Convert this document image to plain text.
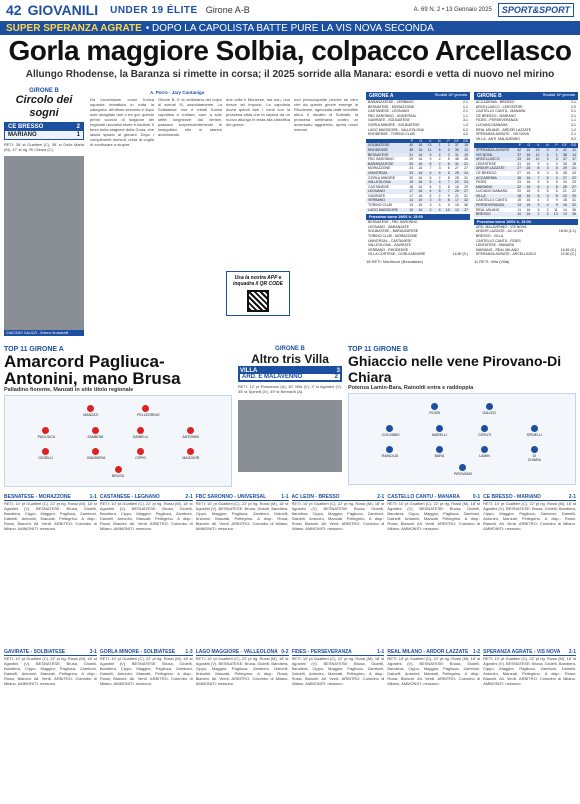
42 GIOVANILI UNDER 19 ÉLITE Girone A-B	A. 69 N. 2 • 13 Gennaio 2025	SPORT&SPORT
SUPER SPERANZA AGRATE • DOPO LA CAPOLISTA BATTE PURE LA VIS NOVA SECONDA
Gorla maggiore Solbia, colpacco Arcellasco
Allungo Rhodense, la Baranza si rimette in corsa; il 2025 sorride alla Manara: esordi e vetta di nuovo nel mirino
GIRONE B
Circolo dei sogni
CE BRESSO	2
MARIANO	1
RETI: 38' st Gualtieri (C), 38' st Della Maria (M), 47' st rig. Ri Chiara (C).
GIACOMO GALIZZI - Entra e fa sfracelli
A. Porro - Jary Cuntaniga
Da incorniciare, come l'unica squadra imbattuta in tutta la categoria, all'ultimo secondo e dopo aver sbagliato due o tre gol: questo primo scorcio di stagione dei regionali racconta storie e risultati. Il terzo della stagione della Gorla, che lascia spazio ai giovani. Dopo i complimenti ricevuti, resta la voglia di continuare a stupire.
Girone B. E la settimana del colpo di scena! Sì, assolutamente. La Solbiatese non è infatti l'unica capolista a crollare, anzi: a sole sette lunghezze dal vertice, passano sorprendentemente le inseguitrici che si stanno avvicinando.
due volte il Monzese, ma non, non riesce ad imporsi. La capolista dovrà quindi fare i conti con la prossima sfida che la separa da un nuovo allungo in testa alla classifica del girone.
Usa la nostra APP e
inquadra il QR CODE
non preoccupante perché se vero che da questo girone emerge la Rhodense, agevolata dalle sconfitte altrui. Il riscatto di Solbiate, la prossima settimana contro un avversario agguerrito, aprirà nuovi scenari.
GIRONE A	Risultati 16ª giornata
BARANZATESE - VERBANO	2-1
BESNATESE - MORAZZONE	1-1
CASTANESE - LEGNANO	2-1
FBC SARONNO - UNIVERSAL	1-1
GAVIRATE - SOLBIATESE	3-1
GORLA MINORE - SOLBIATESE	1-3
LAGO MAGGIORE - VALLEOLONA	0-2
RHODENSE - TORINO CLUB	4-0
P	G	V	N	P	GF	GS
SOLBIATESE	40	16	13	1	2	37	15
RHODENSE	38	16	11	5	0	35	12
BESNATESE	31	16	9	4	3	31	19
FBC SARONNO	29	16	9	2	5	48	28
BARANZATESE	26	16	8	2	6	31	21
MORAZZONE	24	16	7	3	6	27	27
UNIVERSAL	23	16	6	5	5	25	24
GORLA MINORE	20	16	6	2	8	28	31
VALLEOLONA	19	16	5	4	7	22	24
CASTANESE	18	16	5	3	8	16	29
LEGNANO	17	16	4	5	7	20	27
GAVIRATE	17	16	5	2	9	21	31
VERBANO	14	16	3	5	8	17	32
TORINO CLUB	13	16	3	4	9	15	36
LAGO MAGGIORE	10	16	2	4	10	12	37
Prossimo turno 19/01 h. 15:00
BESNATESE - FBC SARONNO
LEGNANO - BARANZATE
SOLBIATESE - BARANZATESE
TORINO CLUB - MORAZZONE
UNIVERSAL - CASTANESE
VALLEOLONA - GAVIRATE
VERBANO - RHODENSE
VILLA CORTESE - GORLA MINORE	14:30 (S.)
18 RETI: Manfrucci (Besnatese)
GIRONE B	Risultati 16ª giornata
ACCADEMIA - BRESSO	2-1
ARCELLASCO - LENTATESE	2-0
CASTELLO CANTÙ - MANARA	0-1
CE BRESSO - MARIANO	2-1
FIDES - PERSEVERANZA	1-1
LUCIANO MANARA	2-1
REAL MILANO - ARDOR LAZZATE	1-2
SPERANZA AGRATE - VIS NOVA	2-1
VILLA - ANTI. MALAVENNO	3-2
P	G	V	N	P	GF	GS
SPERANZA AGRATE	42	16	13	3	0	41	11
VIS NOVA	37	16	11	4	1	38	14
ARCELLASCO	33	16	10	3	3	37	17
LENTATESE	31	16	9	4	3	33	18
ARDOR LAZZATE	27	16	8	3	5	29	21
CE BRESSO	27	16	8	3	5	28	24
ACCADEMIA	26	16	7	5	4	27	22
FIDES	23	16	6	5	5	24	23
MARIANO	22	16	6	4	6	26	27
LUCIANO MANARA	20	16	5	5	6	21	22
VILLA	18	16	5	3	8	20	29
CASTELLO CANTÙ	15	16	4	3	9	18	31
PERSEVERANZA	13	16	3	4	9	16	32
REAL MILANO	11	16	3	2	11	14	36
BRESSO	10	16	2	4	10	13	36
Prossimo turno 19/01 h. 15:00
ARD. MALAVENNO - VIS NOVA
ARDOR LAZZATE - AC LEON	18:00 (1-1)
BRESSO - VILLA
CASTELLO CANTÙ - FIDES
LENTATESE - MANARA
MARIANO - REAL MILANO	14:45 (S.)
SPERANZA AGRATE - ARCELLASCO	10:30 (S.)
11 RETI: Villa (Villa)
TOP 11 GIRONE A
Amarcord Pagliuca-Antonini, mano Brusa
Palladino fiorente, Manzati in stile titolo regionale
BRUSA
GIOIELLI	BANDIERA	CIPPO	MAGGIOR
PAGLIUCA	ZAMBONI	DAINELLI	ANTONINI
MANZATI	PELLEGRINO
GIRONE B
Altro tris Villa
VILLA	3
ARD. E MALAVENNO	2
RETI: 12' pt Romanoni (A), 30' Villa (V), 3' st Agostini (V), 35' st Spinelli (V), 49' st Bernardi (A).
TOP 11 GIRONE B
Ghiaccio nelle vene Pirovano-Di Chiara
Potenza Lamin-Bara, Rainoldi entra e raddoppia
PIROVANO
RAINOLDI	BARA	LAMIN	DI CHIARA
COLOMBO	MARELLI	CERUTI	SPINELLI
ROSSI	GALIZZI
BESNATESE - MORAZZONE	1-1
RETI: 10' pt Gualtieri (C), 22' pt rig. Rossi (M), 18' st Agostini (V). BESNATESE: Brusa, Gioielli, Bandiera, Cippo, Maggior, Pagliuca, Zamboni, Dainelli, Antonini, Manzati, Pellegrino. A disp.: Rossi, Bianchi. All. Verdi. ARBITRO: Colombo di Milano. AMMONITI: nessuno.
CASTANESE - LEGNANO	2-1
RETI: 10' pt Gualtieri (C), 22' pt rig. Rossi (M), 18' st Agostini (V). BESNATESE: Brusa, Gioielli, Bandiera, Cippo, Maggior, Pagliuca, Zamboni, Dainelli, Antonini, Manzati, Pellegrino. A disp.: Rossi, Bianchi. All. Verdi. ARBITRO: Colombo di Milano. AMMONITI: nessuno.
FBC SARONNO - UNIVERSAL	1-1
RETI: 10' pt Gualtieri (C), 22' pt rig. Rossi (M), 18' st Agostini (V). BESNATESE: Brusa, Gioielli, Bandiera, Cippo, Maggior, Pagliuca, Zamboni, Dainelli, Antonini, Manzati, Pellegrino. A disp.: Rossi, Bianchi. All. Verdi. ARBITRO: Colombo di Milano. AMMONITI: nessuno.
AC LEON - BRESSO	2-1
RETI: 10' pt Gualtieri (C), 22' pt rig. Rossi (M), 18' st Agostini (V). BESNATESE: Brusa, Gioielli, Bandiera, Cippo, Maggior, Pagliuca, Zamboni, Dainelli, Antonini, Manzati, Pellegrino. A disp.: Rossi, Bianchi. All. Verdi. ARBITRO: Colombo di Milano. AMMONITI: nessuno.
CASTELLO CANTÙ - MANARA	0-1
RETI: 10' pt Gualtieri (C), 22' pt rig. Rossi (M), 18' st Agostini (V). BESNATESE: Brusa, Gioielli, Bandiera, Cippo, Maggior, Pagliuca, Zamboni, Dainelli, Antonini, Manzati, Pellegrino. A disp.: Rossi, Bianchi. All. Verdi. ARBITRO: Colombo di Milano. AMMONITI: nessuno.
CE BRESSO - MARIANO	2-1
RETI: 10' pt Gualtieri (C), 22' pt rig. Rossi (M), 18' st Agostini (V). BESNATESE: Brusa, Gioielli, Bandiera, Cippo, Maggior, Pagliuca, Zamboni, Dainelli, Antonini, Manzati, Pellegrino. A disp.: Rossi, Bianchi. All. Verdi. ARBITRO: Colombo di Milano. AMMONITI: nessuno.
GAVIRATE - SOLBIATESE	3-1
RETI: 10' pt Gualtieri (C), 22' pt rig. Rossi (M), 18' st Agostini (V). BESNATESE: Brusa, Gioielli, Bandiera, Cippo, Maggior, Pagliuca, Zamboni, Dainelli, Antonini, Manzati, Pellegrino. A disp.: Rossi, Bianchi. All. Verdi. ARBITRO: Colombo di Milano. AMMONITI: nessuno.
GORLA MINORE - SOLBIATESE 1-3
RETI: 10' pt Gualtieri (C), 22' pt rig. Rossi (M), 18' st Agostini (V). BESNATESE: Brusa, Gioielli, Bandiera, Cippo, Maggior, Pagliuca, Zamboni, Dainelli, Antonini, Manzati, Pellegrino. A disp.: Rossi, Bianchi. All. Verdi. ARBITRO: Colombo di Milano. AMMONITI: nessuno.
LAGO MAGGIORE - VALLEOLONA 0-2
RETI: 10' pt Gualtieri (C), 22' pt rig. Rossi (M), 18' st Agostini (V). BESNATESE: Brusa, Gioielli, Bandiera, Cippo, Maggior, Pagliuca, Zamboni, Dainelli, Antonini, Manzati, Pellegrino. A disp.: Rossi, Bianchi. All. Verdi. ARBITRO: Colombo di Milano. AMMONITI: nessuno.
FIDES - PERSEVERANZA	1-1
RETI: 10' pt Gualtieri (C), 22' pt rig. Rossi (M), 18' st Agostini (V). BESNATESE: Brusa, Gioielli, Bandiera, Cippo, Maggior, Pagliuca, Zamboni, Dainelli, Antonini, Manzati, Pellegrino. A disp.: Rossi, Bianchi. All. Verdi. ARBITRO: Colombo di Milano. AMMONITI: nessuno.
REAL MILANO - ARDOR LAZZATE 1-2
RETI: 10' pt Gualtieri (C), 22' pt rig. Rossi (M), 18' st Agostini (V). BESNATESE: Brusa, Gioielli, Bandiera, Cippo, Maggior, Pagliuca, Zamboni, Dainelli, Antonini, Manzati, Pellegrino. A disp.: Rossi, Bianchi. All. Verdi. ARBITRO: Colombo di Milano. AMMONITI: nessuno.
SPERANZA AGRATE - VIS NOVA 2-1
RETI: 10' pt Gualtieri (C), 22' pt rig. Rossi (M), 18' st Agostini (V). BESNATESE: Brusa, Gioielli, Bandiera, Cippo, Maggior, Pagliuca, Zamboni, Dainelli, Antonini, Manzati, Pellegrino. A disp.: Rossi, Bianchi. All. Verdi. ARBITRO: Colombo di Milano. AMMONITI: nessuno.
